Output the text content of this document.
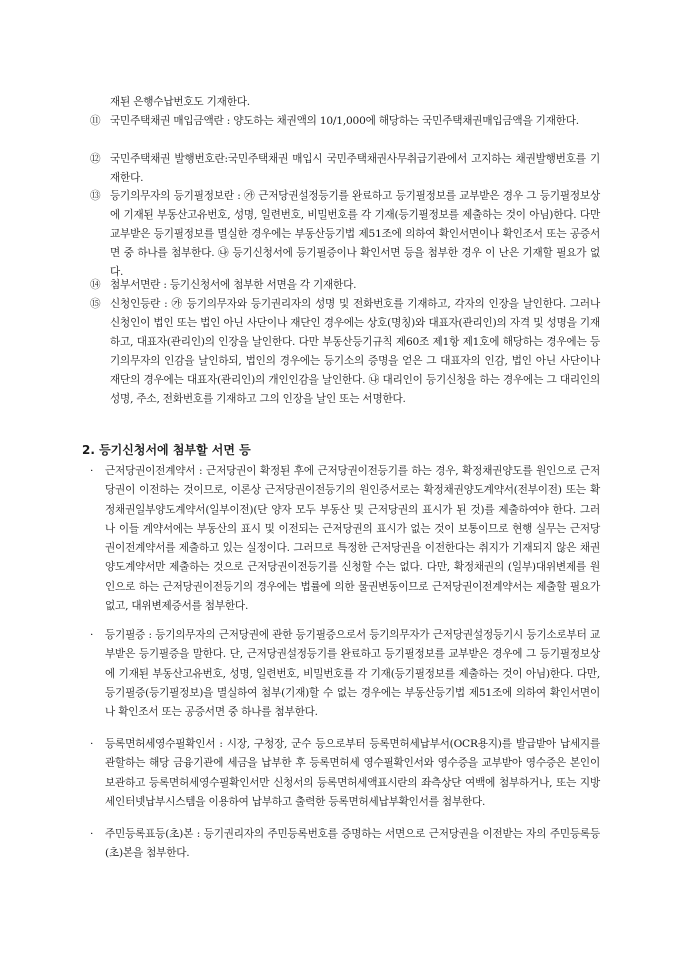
재된 은행수납번호도 기재한다.
⑪ 국민주택채권 매입금액란 : 양도하는 채권액의 10/1,000에 해당하는 국민주택채권매입금액을 기재한다.
⑫ 국민주택채권 발행번호란:국민주택채권 매입시 국민주택채권사무취급기관에서 고지하는 채권발행번호를 기재한다.
⑬ 등기의무자의 등기필정보란 : ㉮ 근저당권설정등기를 완료하고 등기필정보를 교부받은 경우 그 등기필정보상에 기재된 부동산고유번호, 성명, 일련번호, 비밀번호를 각 기재(등기필정보를 제출하는 것이 아님)한다. 다만 교부받은 등기필정보를 멸실한 경우에는 부동산등기법 제51조에 의하여 확인서면이나 확인조서 또는 공증서면 중 하나를 첨부한다. ㉯ 등기신청서에 등기필증이나 확인서면 등을 첨부한 경우 이 난은 기재할 필요가 없다.
⑭ 첨부서면란 : 등기신청서에 첨부한 서면을 각 기재한다.
⑮ 신청인등란 : ㉮ 등기의무자와 등기권리자의 성명 및 전화번호를 기재하고, 각자의 인장을 날인한다. 그러나 신청인이 법인 또는 법인 아닌 사단이나 재단인 경우에는 상호(명칭)와 대표자(관리인)의 자격 및 성명을 기재하고, 대표자(관리인)의 인장을 날인한다. 다만 부동산등기규칙 제60조 제1항 제1호에 해당하는 경우에는 등기의무자의 인감을 날인하되, 법인의 경우에는 등기소의 증명을 얻은 그 대표자의 인감, 법인 아닌 사단이나 재단의 경우에는 대표자(관리인)의 개인인감을 날인한다. ㉯ 대리인이 등기신청을 하는 경우에는 그 대리인의 성명, 주소, 전화번호를 기재하고 그의 인장을 날인 또는 서명한다.
2. 등기신청서에 첨부할 서면 등
· 근저당권이전계약서 : 근저당권이 확정된 후에 근저당권이전등기를 하는 경우, 확정채권양도를 원인으로 근저당권이 이전하는 것이므로, 이론상 근저당권이전등기의 원인증서로는 확정채권양도계약서(전부이전) 또는 확정채권일부양도계약서(일부이전)(단 양자 모두 부동산 및 근저당권의 표시가 된 것)를 제출하여야 한다. 그러나 이들 계약서에는 부동산의 표시 및 이전되는 근저당권의 표시가 없는 것이 보통이므로 현행 실무는 근저당권이전계약서를 제출하고 있는 실정이다. 그러므로 특정한 근저당권을 이전한다는 취지가 기재되지 않은 채권양도계약서만 제출하는 것으로 근저당권이전등기를 신청할 수는 없다. 다만, 확정채권의 (일부)대위변제를 원인으로 하는 근저당권이전등기의 경우에는 법률에 의한 물권변동이므로 근저당권이전계약서는 제출할 필요가 없고, 대위변제증서를 첨부한다.
· 등기필증 : 등기의무자의 근저당권에 관한 등기필증으로서 등기의무자가 근저당권설정등기시 등기소로부터 교부받은 등기필증을 말한다. 단, 근저당권설정등기를 완료하고 등기필정보를 교부받은 경우에 그 등기필정보상에 기재된 부동산고유번호, 성명, 일련번호, 비밀번호를 각 기재(등기필정보를 제출하는 것이 아님)한다. 다만, 등기필증(등기필정보)을 멸실하여 첨부(기재)할 수 없는 경우에는 부동산등기법 제51조에 의하여 확인서면이나 확인조서 또는 공증서면 중 하나를 첨부한다.
· 등록면허세영수필확인서 : 시장, 구청장, 군수 등으로부터 등록면허세납부서(OCR용지)를 발급받아 납세지를 관할하는 해당 금융기관에 세금을 납부한 후 등록면허세 영수필확인서와 영수증을 교부받아 영수증은 본인이 보관하고 등록면허세영수필확인서만 신청서의 등록면허세액표시란의 좌측상단 여백에 첨부하거나, 또는 지방세인터넷납부시스템을 이용하여 납부하고 출력한 등록면허세납부확인서를 첨부한다.
· 주민등록표등(초)본 : 등기권리자의 주민등록번호를 증명하는 서면으로 근저당권을 이전받는 자의 주민등록등(초)본을 첨부한다.
